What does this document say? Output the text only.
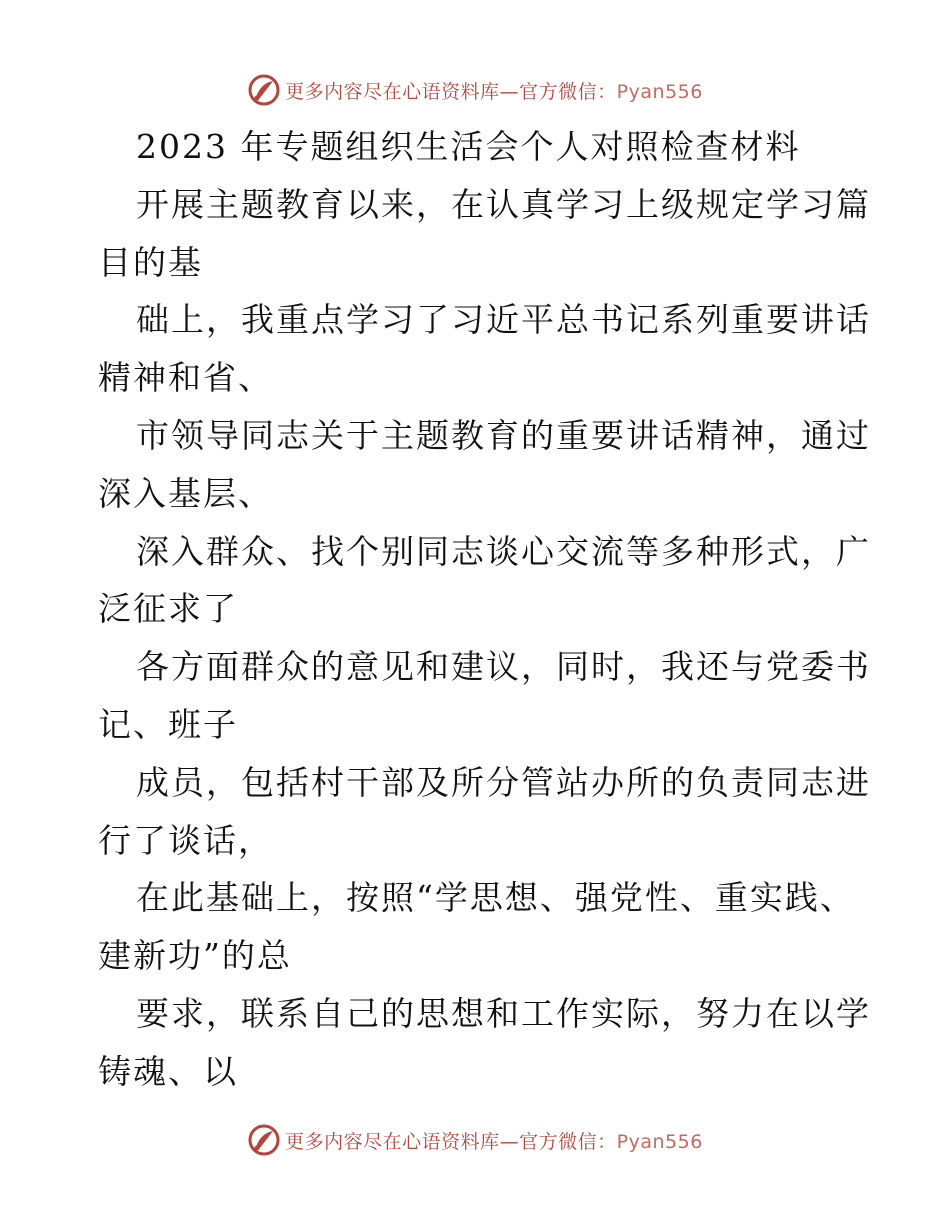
更多内容尽在心语资料库—官方微信：Pyan556
2023 年专题组织生活会个人对照检查材料
开展主题教育以来，在认真学习上级规定学习篇
目的基
础上，我重点学习了习近平总书记系列重要讲话
精神和省、
市领导同志关于主题教育的重要讲话精神，通过
深入基层、
深入群众、找个别同志谈心交流等多种形式，广
泛征求了
各方面群众的意见和建议，同时，我还与党委书
记、班子
成员，包括村干部及所分管站办所的负责同志进
行了谈话，
在此基础上，按照“学思想、强党性、重实践、
建新功”的总
要求，联系自己的思想和工作实际，努力在以学
铸魂、以
更多内容尽在心语资料库—官方微信：Pyan556
